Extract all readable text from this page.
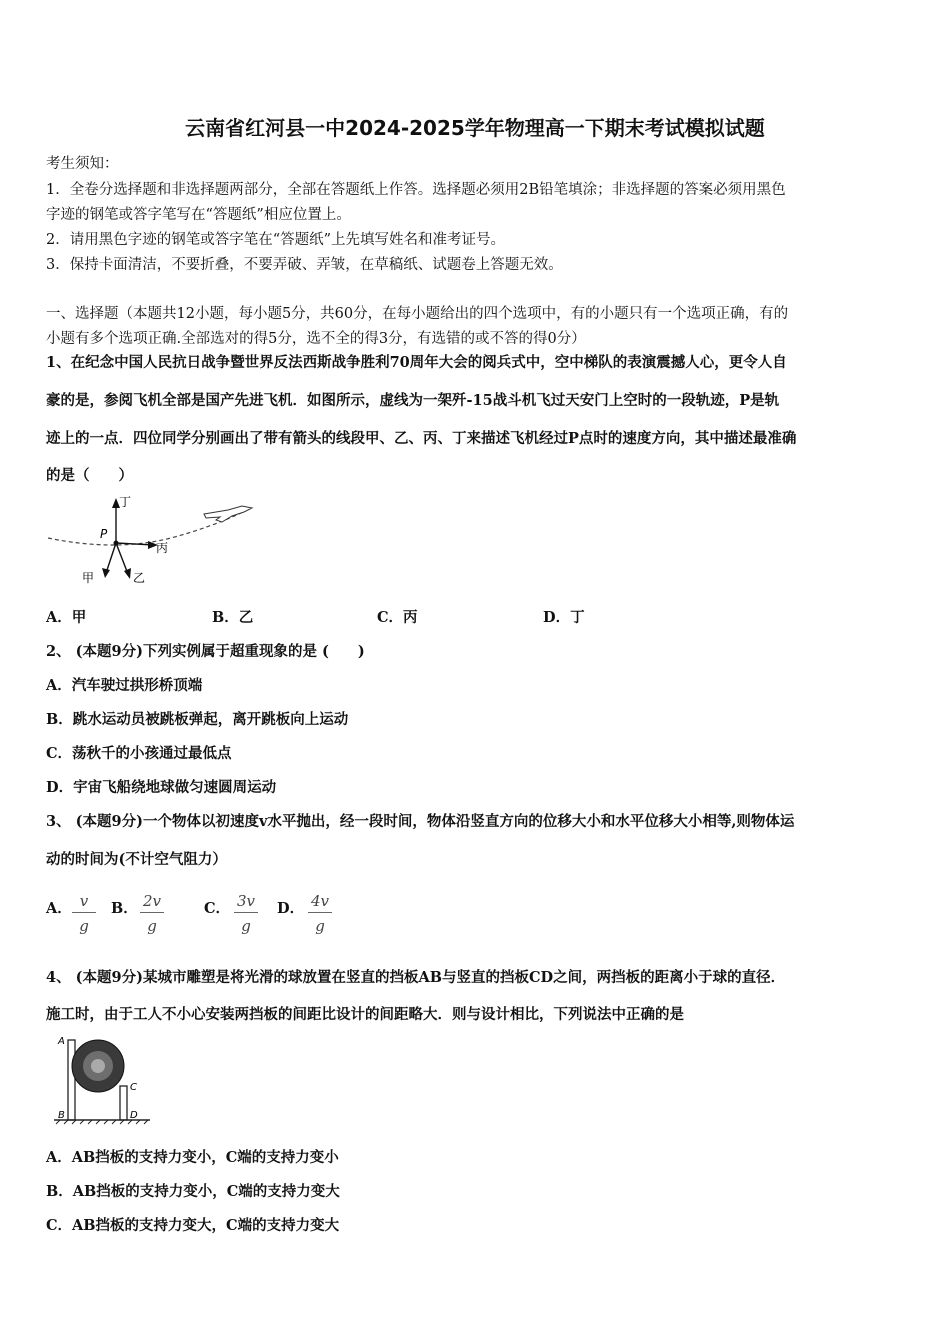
云南省红河县一中2024-2025学年物理高一下期末考试模拟试题
考生须知：
1．全卷分选择题和非选择题两部分，全部在答题纸上作答。选择题必须用2B铅笔填涂；非选择题的答案必须用黑色
字迹的钢笔或答字笔写在“答题纸”相应位置上。
2．请用黑色字迹的钢笔或答字笔在“答题纸”上先填写姓名和准考证号。
3．保持卡面清洁，不要折叠，不要弄破、弄皱，在草稿纸、试题卷上答题无效。
一、选择题（本题共12小题，每小题5分，共60分，在每小题给出的四个选项中，有的小题只有一个选项正确，有的
小题有多个选项正确.全部选对的得5分，选不全的得3分，有选错的或不答的得0分）
1、在纪念中国人民抗日战争暨世界反法西斯战争胜利70周年大会的阅兵式中，空中梯队的表演震撼人心，更令人自
豪的是，参阅飞机全部是国产先进飞机．如图所示，虚线为一架歼-15战斗机飞过天安门上空时的一段轨迹，P是轨
迹上的一点．四位同学分别画出了带有箭头的线段甲、乙、丙、丁来描述飞机经过P点时的速度方向，其中描述最准确
的是（　　）
丁
P
丙
甲	乙
A．甲	B．乙	C．丙	D．丁
2、 (本题9分)下列实例属于超重现象的是 (　　)
A．汽车驶过拱形桥顶端
B．跳水运动员被跳板弹起，离开跳板向上运动
C．荡秋千的小孩通过最低点
D．宇宙飞船绕地球做匀速圆周运动
3、 (本题9分)一个物体以初速度v水平抛出，经一段时间，物体沿竖直方向的位移大小和水平位移大小相等,则物体运
动的时间为(不计空气阻力）
A． $\frac{v}{g}$ B． $\frac{2v}{g}$	C． $\frac{3v}{g}$ D． $\frac{4v}{g}$
4、 (本题9分)某城市雕塑是将光滑的球放置在竖直的挡板AB与竖直的挡板CD之间，两挡板的距离小于球的直径．
施工时，由于工人不小心安装两挡板的间距比设计的间距略大．则与设计相比，下列说法中正确的是
A
B
C
D
A．AB挡板的支持力变小，C端的支持力变小
B．AB挡板的支持力变小，C端的支持力变大
C．AB挡板的支持力变大，C端的支持力变大
